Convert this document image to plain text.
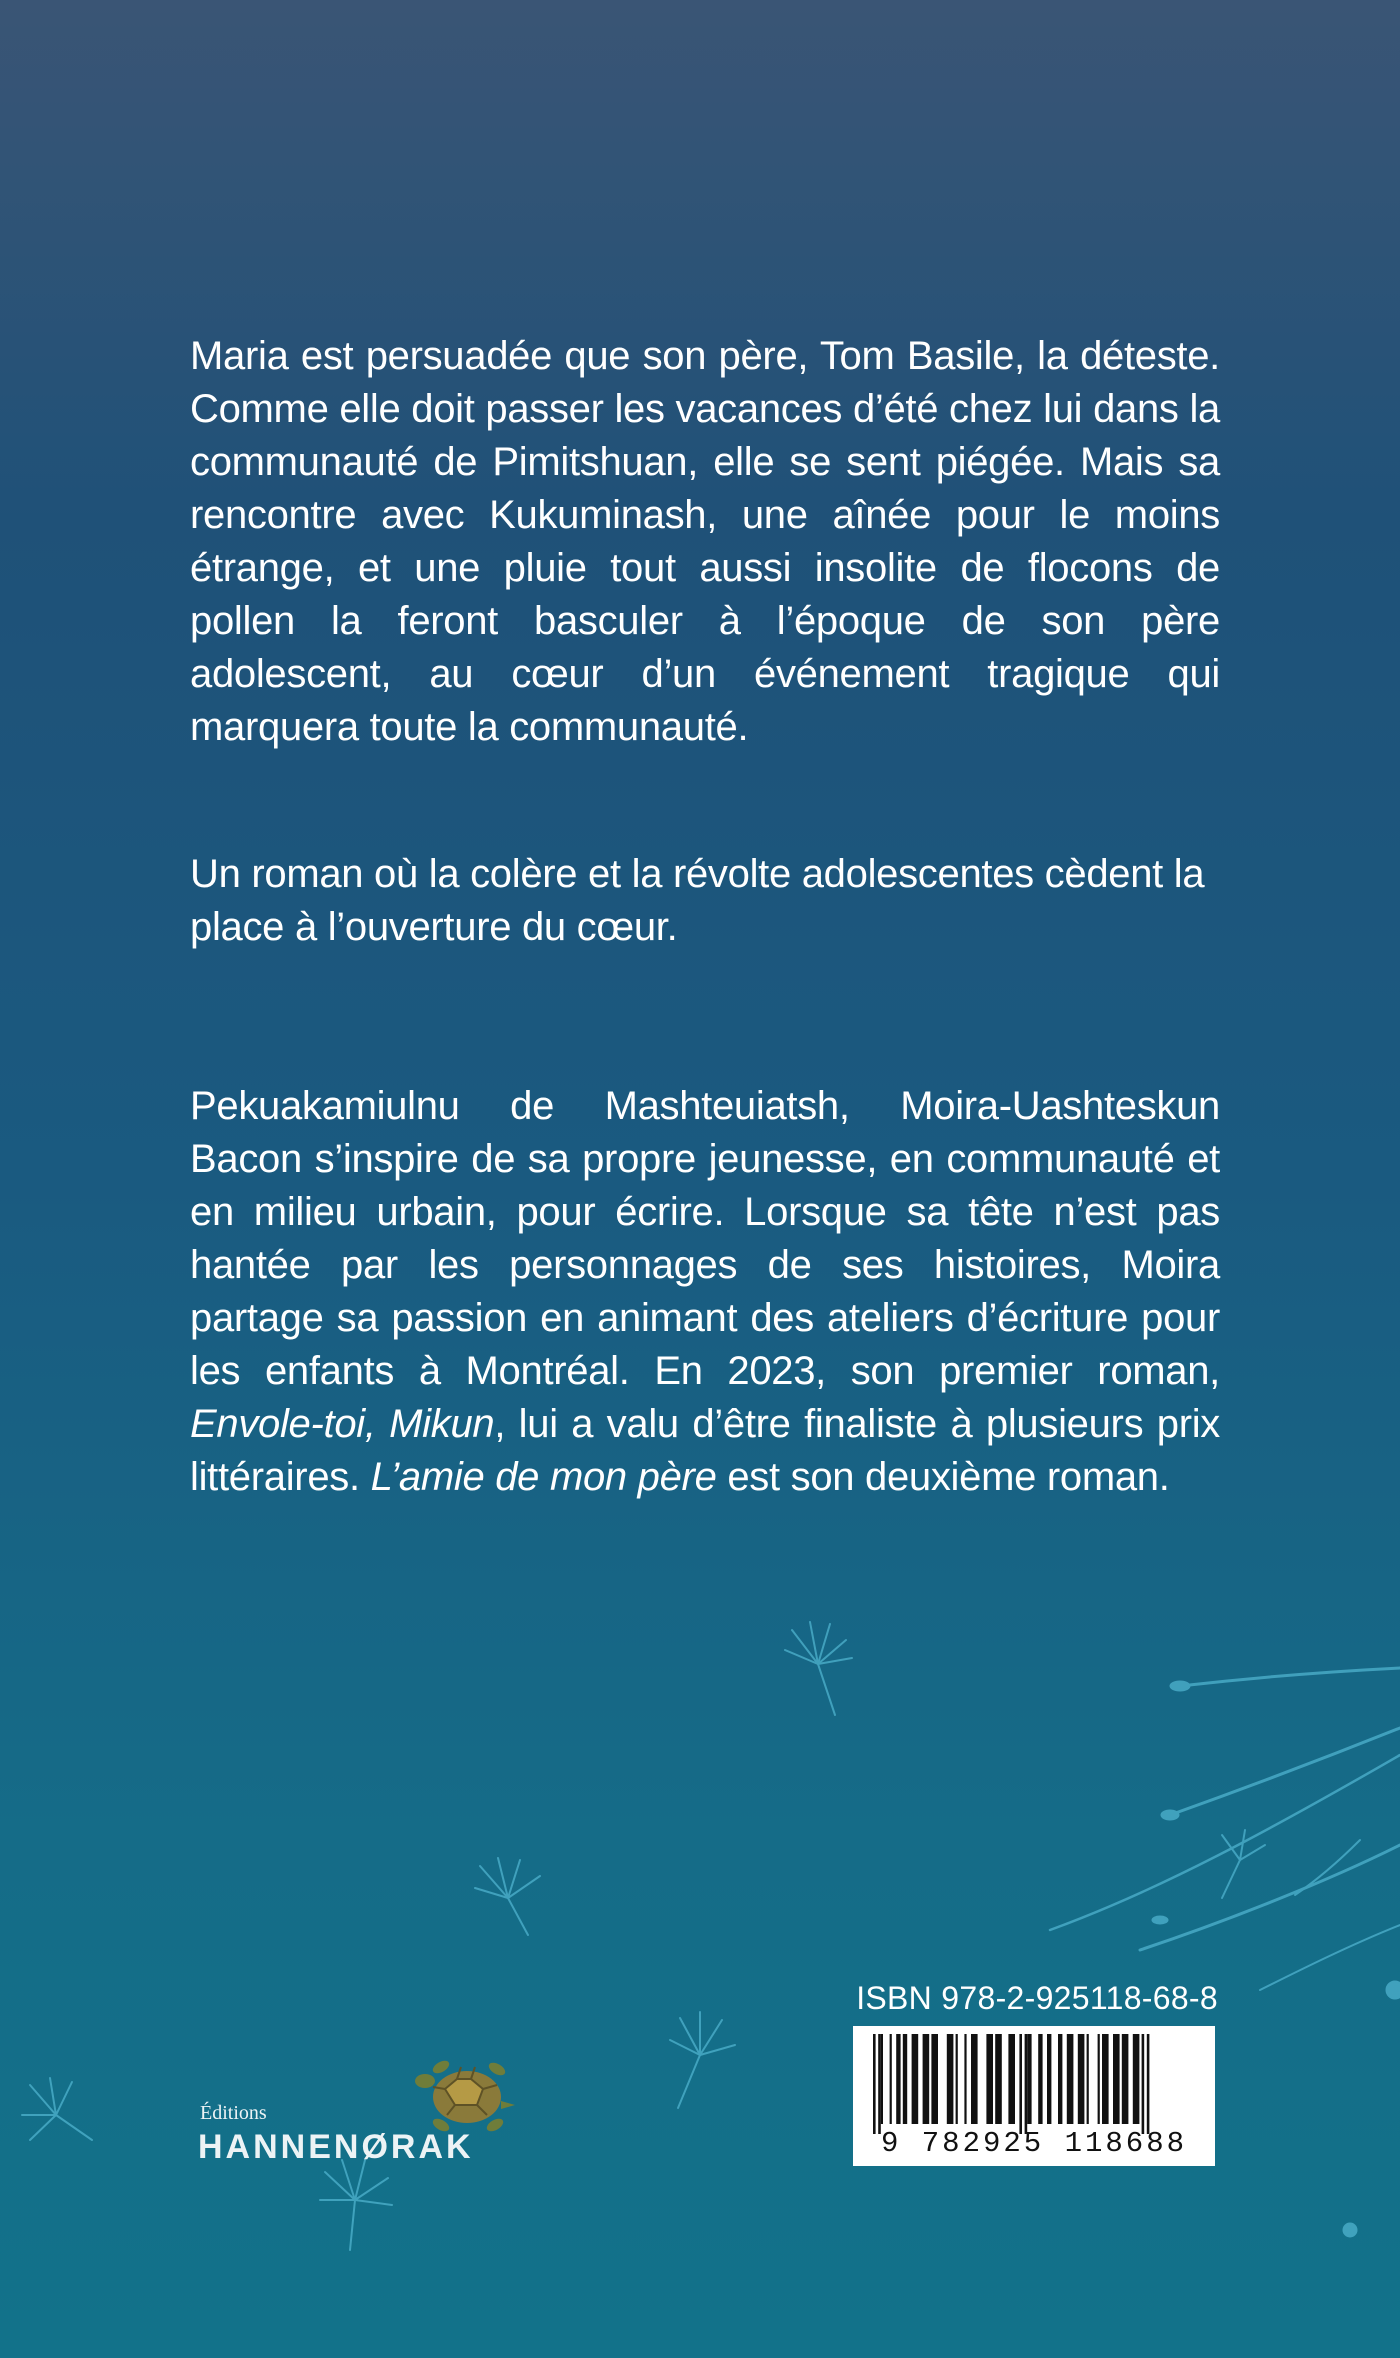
Maria est persuadée que son père, Tom Basile, la déteste. Comme elle doit passer les vacances d’été chez lui dans la communauté de Pimitshuan, elle se sent piégée. Mais sa rencontre avec Kukuminash, une aînée pour le moins étrange, et une pluie tout aussi insolite de flocons de pollen la feront basculer à l’époque de son père adolescent, au cœur d’un événement tragique qui marquera toute la communauté.

Un roman où la colère et la révolte adolescentes cèdent la place à l’ouverture du cœur.

Pekuakamiulnu de Mashteuiatsh, Moira-Uashteskun Bacon s’inspire de sa propre jeunesse, en communauté et en milieu urbain, pour écrire. Lorsque sa tête n’est pas hantée par les personnages de ses histoires, Moira partage sa passion en animant des ateliers d’écriture pour les enfants à Montréal. En 2023, son premier roman, Envole-toi, Mikun, lui a valu d’être finaliste à plusieurs prix littéraires. L’amie de mon père est son deuxième roman.

ISBN 978-2-925118-68-8
9 782925 118688
Éditions
HANNENØRAK
